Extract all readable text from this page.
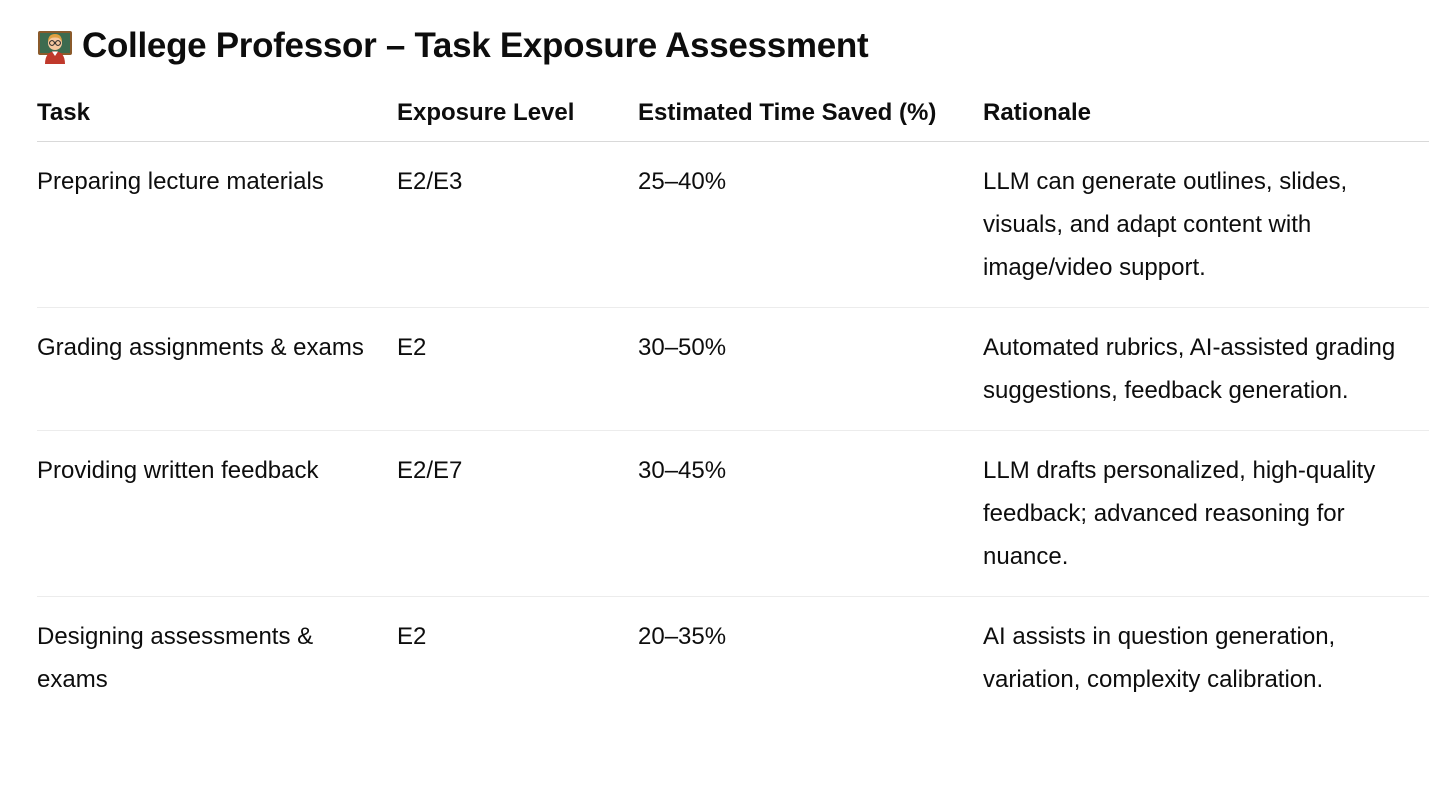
College Professor – Task Exposure Assessment
Task	Exposure Level	Estimated Time Saved (%)	Rationale
Preparing lecture materials	E2/E3	25–40%	LLM can generate outlines, slides, visuals, and adapt content with image/video support.
Grading assignments & exams	E2	30–50%	Automated rubrics, AI-assisted grading suggestions, feedback generation.
Providing written feedback	E2/E7	30–45%	LLM drafts personalized, high-quality feedback; advanced reasoning for nuance.
Designing assessments & exams	E2	20–35%	AI assists in question generation, variation, complexity calibration.
